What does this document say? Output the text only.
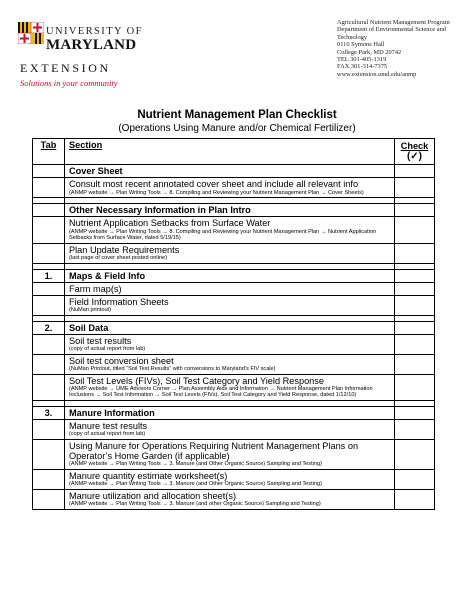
UNIVERSITY OF
MARYLAND
EXTENSION
Solutions in your community
Agricultural Nutrient Management Program
Department of Environmental Science and Technology
0116 Symons Hall
College Park, MD 20742
TEL 301-405-1319
FAX 301-314-7375
www.extension.umd.edu/anmp
Nutrient Management Plan Checklist
(Operations Using Manure and/or Chemical Fertilizer)
Tab	Section	Check
(✓)

	Cover Sheet	
	Consult most recent annotated cover sheet and include all relevant info
(ANMP website → Plan Writing Tools → 8. Compiling and Reviewing your Nutrient Management Plan → Cover Sheets)	

	Other Necessary Information in Plan Intro	
	Nutrient Application Setbacks from Surface Water
(ANMP website → Plan Writing Tools → 8. Compiling and Reviewing your Nutrient Management Plan → Nutrient Application Setbacks from Surface Water, dated 5/19/15)	

	Plan Update Requirements
(last page of cover sheet posted online)	

1.	Maps & Field Info	
	Farm map(s)	
	Field Information Sheets
(NuMan printout)	

2.	Soil Data	
	Soil test results
(copy of actual report from lab)	

	Soil test conversion sheet
(NuMan Printout, titled “Soil Test Results” with conversions to Maryland’s FIV scale)	

	Soil Test Levels (FIVs), Soil Test Category and Yield Response
(ANMP website → UME Advisors Corner → Plan Assembly Aids and Information → Nutrient Management Plan Information Inclusions → Soil Test Information → Soil Test Levels (FIVs), Soil Test Category and Yield Response, dated 1/12/10)	

3.	Manure Information	
	Manure test results
(copy of actual report from lab)	

	Using Manure for Operations Requiring Nutrient Management Plans on Operator’s Home Garden (if applicable)
(ANMP website → Plan Writing Tools → 3. Manure (and Other Organic Source) Sampling and Testing)	

	Manure quantity estimate worksheet(s)
(ANMP website → Plan Writing Tools → 3. Manure (and Other Organic Source) Sampling and Testing)	

	Manure utilization and allocation sheet(s)
(ANMP website → Plan Writing Tools → 3. Manure (and other Organic Source) Sampling and Testing)	
